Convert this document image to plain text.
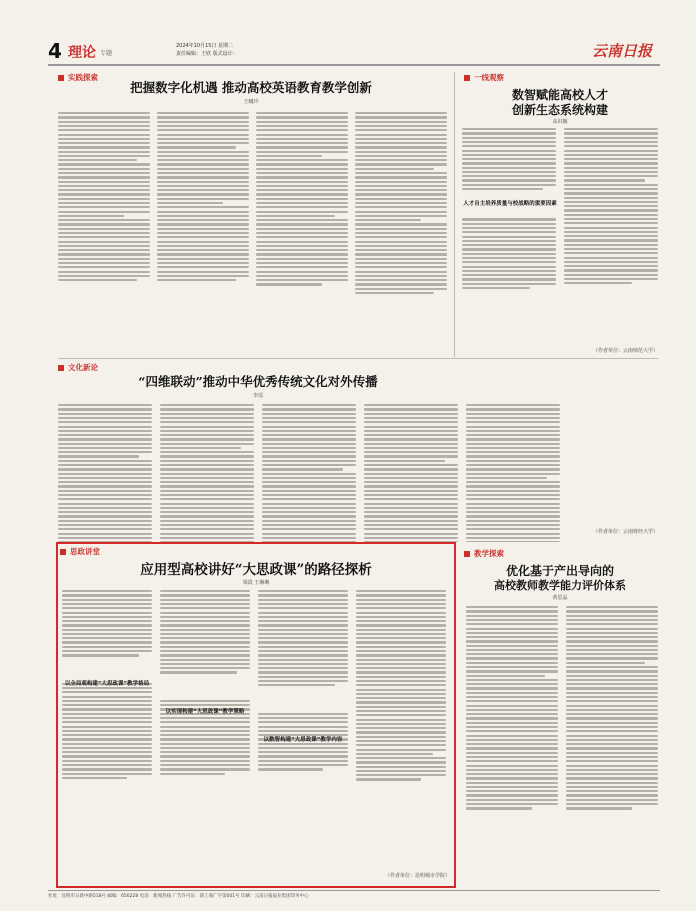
4 理论 专题
2024年10月15日 星期二
责任编辑：王欣 版式设计：	云南日报
实践探索
把握数字化机遇 推动高校英语教育教学创新
王曦玲
一线观察
数智赋能高校人才
创新生态系统构建
高识毓
人才自主培养质量与校战略的重要因素
（作者单位：云南师范大学）
文化新论
“四维联动”推动中华优秀传统文化对外传播
李瑶
（作者单位：云南财经大学）
教学探索
优化基于产出导向的
高校教师教学能力评价体系
黄思晶
思政讲堂
应用型高校讲好“大思政课”的路径探析
梁霞 王琳琳
以全局观构建“大思政课”教学格局
以实现构建“大思政课”教学策略
以数智构建“大思政课”教学内容
（作者单位：昆明城市学院）
社址：昆明市日新中路518号 邮编：650228 电话：新闻热线 广告许可证：滇工商广字第001号 印刷：云南日报报业集团印务中心
